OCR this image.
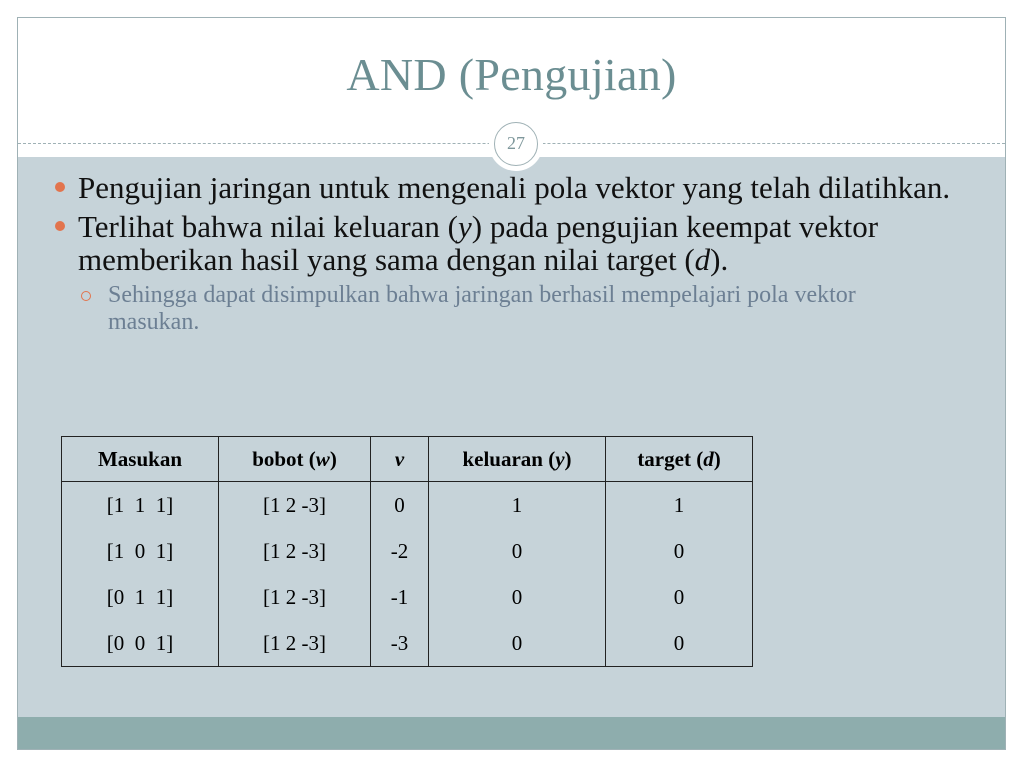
AND (Pengujian)
27
Pengujian jaringan untuk mengenali pola vektor yang telah dilatihkan.
Terlihat bahwa nilai keluaran (y) pada pengujian keempat vektor memberikan hasil yang sama dengan nilai target (d).
Sehingga dapat disimpulkan bahwa jaringan berhasil mempelajari pola vektor masukan.
Masukan	bobot (w)	v	keluaran (y)	target (d)
[1  1  1]	[1 2 -3]	0	1	1
[1  0  1]	[1 2 -3]	-2	0	0
[0  1  1]	[1 2 -3]	-1	0	0
[0  0  1]	[1 2 -3]	-3	0	0
